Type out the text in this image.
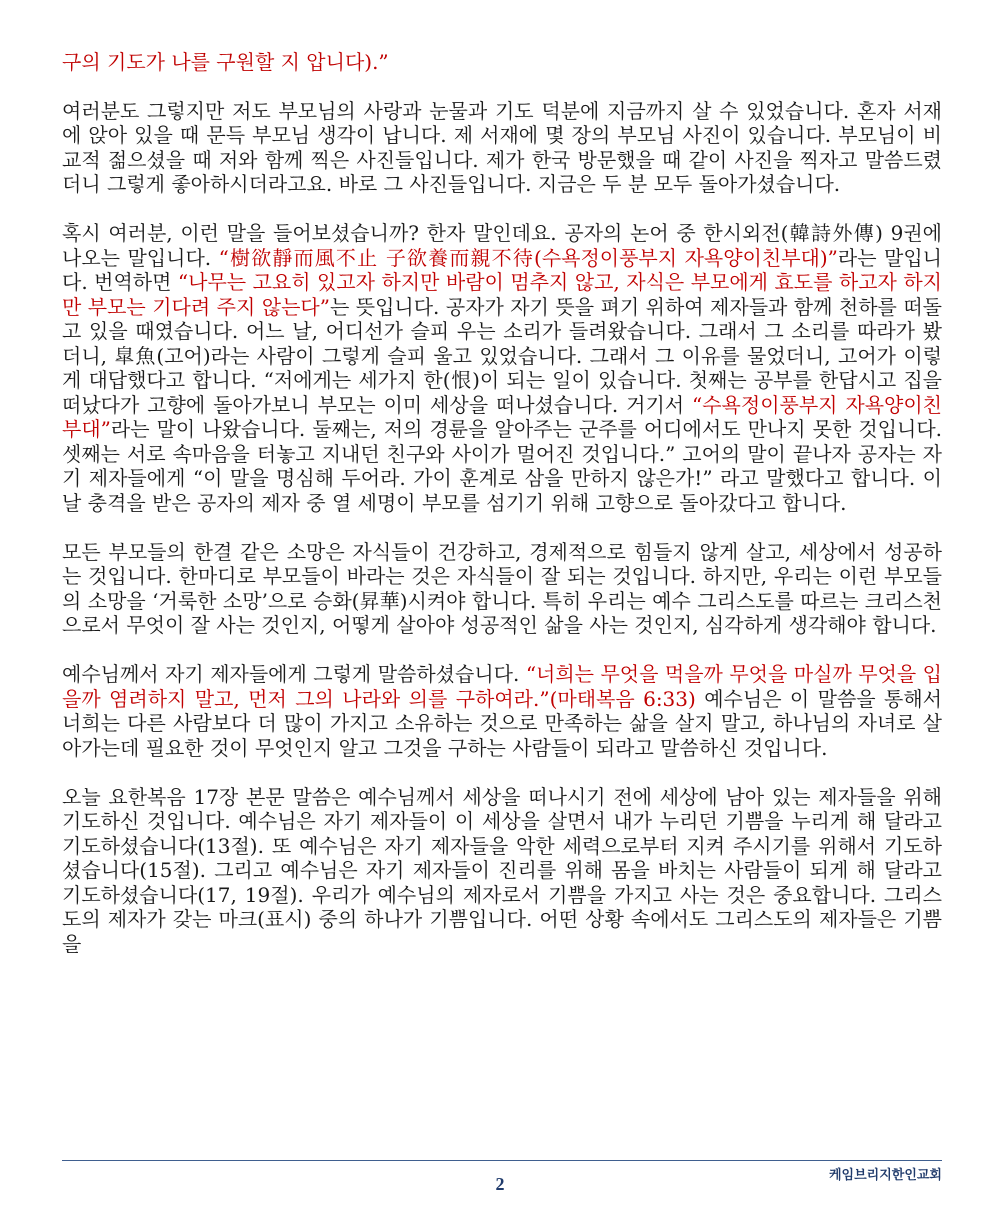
구의 기도가 나를 구원할 지 압니다).”

여러분도 그렇지만 저도 부모님의 사랑과 눈물과 기도 덕분에 지금까지 살 수 있었습니다. 혼자 서재에 앉아 있을 때 문득 부모님 생각이 납니다. 제 서재에 몇 장의 부모님 사진이 있습니다. 부모님이 비교적 젊으셨을 때 저와 함께 찍은 사진들입니다. 제가 한국 방문했을 때 같이 사진을 찍자고 말씀드렸더니 그렇게 좋아하시더라고요. 바로 그 사진들입니다. 지금은 두 분 모두 돌아가셨습니다.

혹시 여러분, 이런 말을 들어보셨습니까? 한자 말인데요. 공자의 논어 중 한시외전(韓詩外傳) 9권에 나오는 말입니다. “樹欲靜而風不止 子欲養而親不待(수욕정이풍부지 자욕양이친부대)”라는 말입니다. 번역하면 “나무는 고요히 있고자 하지만 바람이 멈추지 않고, 자식은 부모에게 효도를 하고자 하지만 부모는 기다려 주지 않는다”는 뜻입니다. 공자가 자기 뜻을 펴기 위하여 제자들과 함께 천하를 떠돌고 있을 때였습니다. 어느 날, 어디선가 슬피 우는 소리가 들려왔습니다. 그래서 그 소리를 따라가 봤더니, 皐魚(고어)라는 사람이 그렇게 슬피 울고 있었습니다. 그래서 그 이유를 물었더니, 고어가 이렇게 대답했다고 합니다. “저에게는 세가지 한(恨)이 되는 일이 있습니다. 첫째는 공부를 한답시고 집을 떠났다가 고향에 돌아가보니 부모는 이미 세상을 떠나셨습니다. 거기서 “수욕정이풍부지 자욕양이친부대”라는 말이 나왔습니다. 둘째는, 저의 경륜을 알아주는 군주를 어디에서도 만나지 못한 것입니다. 셋째는 서로 속마음을 터놓고 지내던 친구와 사이가 멀어진 것입니다.” 고어의 말이 끝나자 공자는 자기 제자들에게 “이 말을 명심해 두어라. 가이 훈계로 삼을 만하지 않은가!” 라고 말했다고 합니다. 이날 충격을 받은 공자의 제자 중 열 세명이 부모를 섬기기 위해 고향으로 돌아갔다고 합니다.

모든 부모들의 한결 같은 소망은 자식들이 건강하고, 경제적으로 힘들지 않게 살고, 세상에서 성공하는 것입니다. 한마디로 부모들이 바라는 것은 자식들이 잘 되는 것입니다. 하지만, 우리는 이런 부모들의 소망을 ‘거룩한 소망’으로 승화(昇華)시켜야 합니다. 특히 우리는 예수 그리스도를 따르는 크리스천으로서 무엇이 잘 사는 것인지, 어떻게 살아야 성공적인 삶을 사는 것인지, 심각하게 생각해야 합니다.

예수님께서 자기 제자들에게 그렇게 말씀하셨습니다. “너희는 무엇을 먹을까 무엇을 마실까 무엇을 입을까 염려하지 말고, 먼저 그의 나라와 의를 구하여라.”(마태복음 6:33) 예수님은 이 말씀을 통해서 너희는 다른 사람보다 더 많이 가지고 소유하는 것으로 만족하는 삶을 살지 말고, 하나님의 자녀로 살아가는데 필요한 것이 무엇인지 알고 그것을 구하는 사람들이 되라고 말씀하신 것입니다.

오늘 요한복음 17장 본문 말씀은 예수님께서 세상을 떠나시기 전에 세상에 남아 있는 제자들을 위해 기도하신 것입니다. 예수님은 자기 제자들이 이 세상을 살면서 내가 누리던 기쁨을 누리게 해 달라고 기도하셨습니다(13절). 또 예수님은 자기 제자들을 악한 세력으로부터 지켜 주시기를 위해서 기도하셨습니다(15절). 그리고 예수님은 자기 제자들이 진리를 위해 몸을 바치는 사람들이 되게 해 달라고 기도하셨습니다(17, 19절). 우리가 예수님의 제자로서 기쁨을 가지고 사는 것은 중요합니다. 그리스도의 제자가 갖는 마크(표시) 중의 하나가 기쁨입니다. 어떤 상황 속에서도 그리스도의 제자들은 기쁨을

케임브리지한인교회
2
